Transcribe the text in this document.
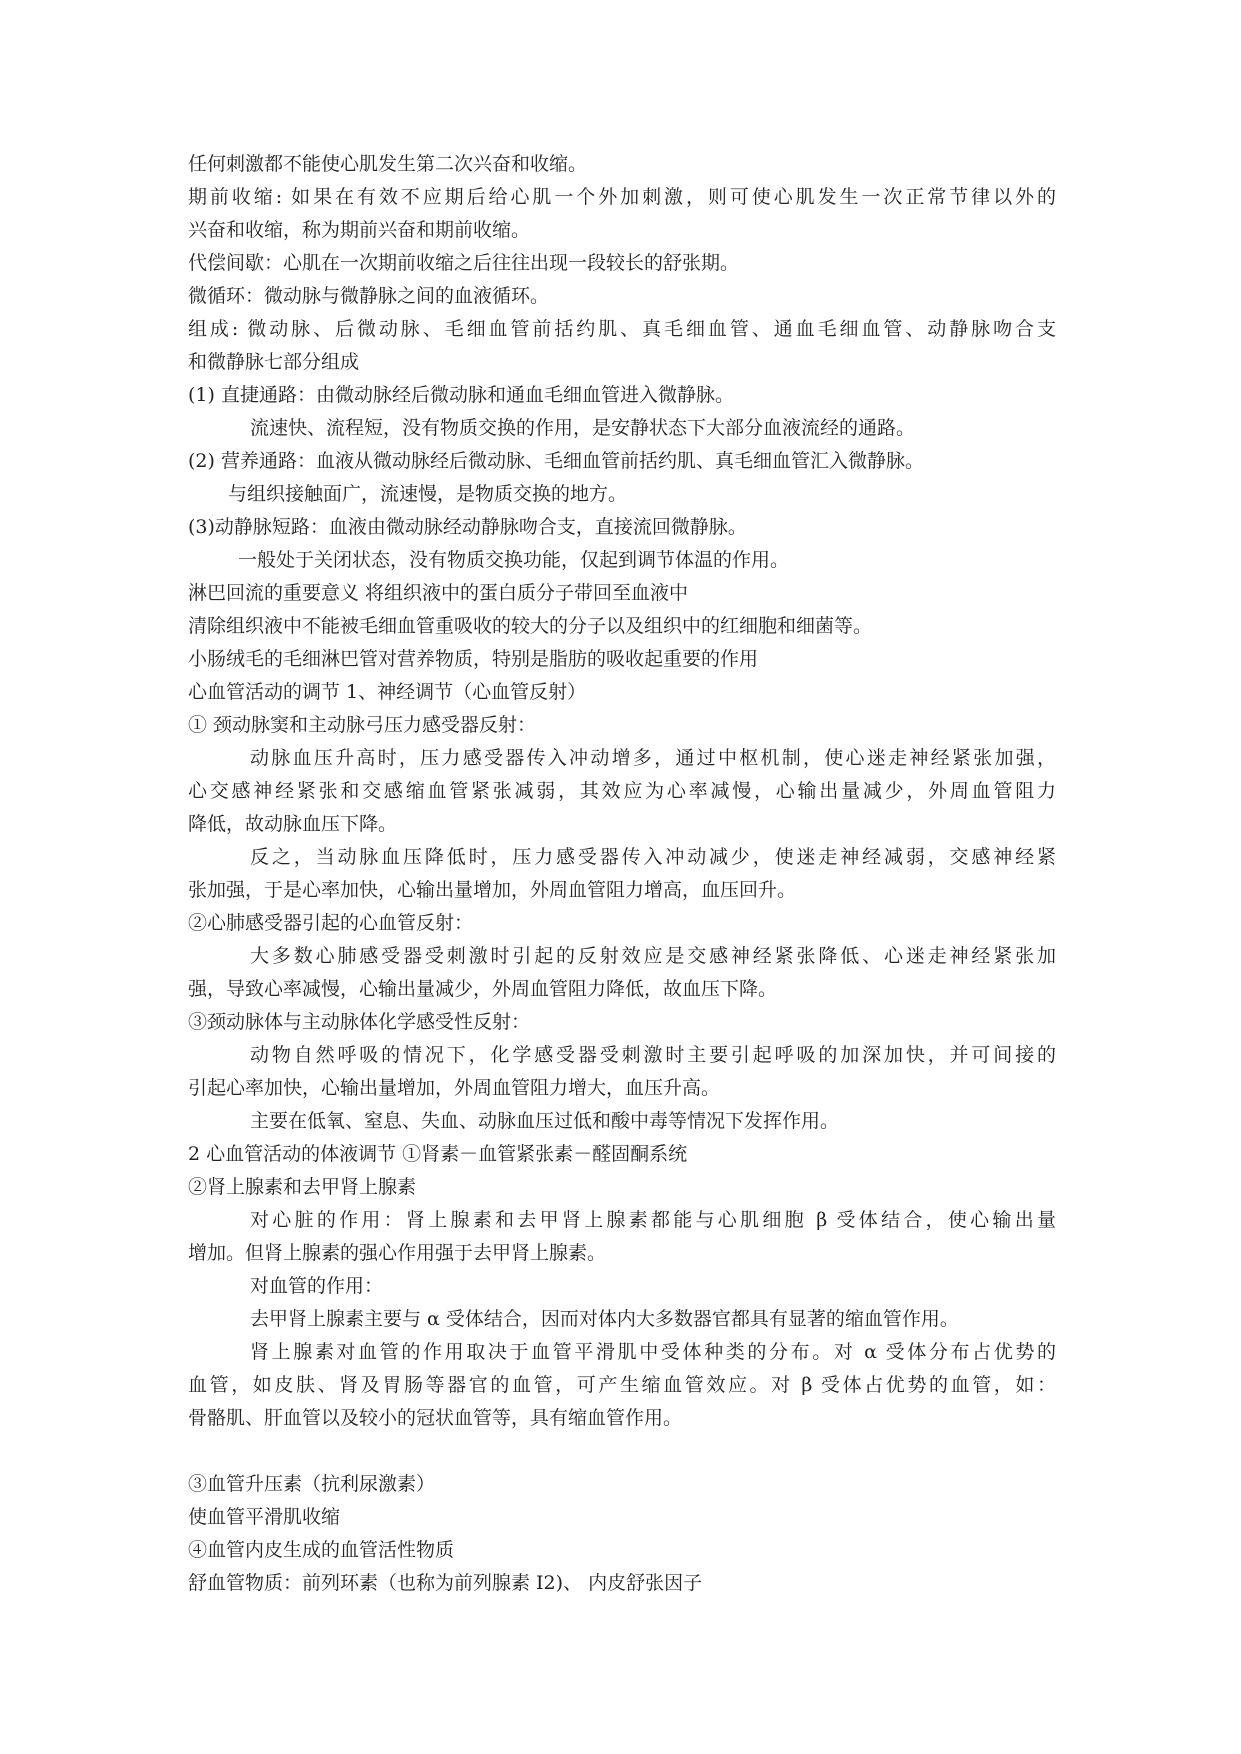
任何刺激都不能使心肌发生第二次兴奋和收缩。
期前收缩: 如果在有效不应期后给心肌一个外加刺激，则可使心肌发生一次正常节律以外的
兴奋和收缩，称为期前兴奋和期前收缩。
代偿间歇：心肌在一次期前收缩之后往往出现一段较长的舒张期。
微循环：微动脉与微静脉之间的血液循环。
组成: 微动脉、后微动脉、毛细血管前括约肌、真毛细血管、通血毛细血管、动静脉吻合支
和微静脉七部分组成
(1) 直捷通路：由微动脉经后微动脉和通血毛细血管进入微静脉。
流速快、流程短，没有物质交换的作用，是安静状态下大部分血液流经的通路。
(2) 营养通路：血液从微动脉经后微动脉、毛细血管前括约肌、真毛细血管汇入微静脉。
与组织接触面广，流速慢，是物质交换的地方。
(3)动静脉短路：血液由微动脉经动静脉吻合支，直接流回微静脉。
一般处于关闭状态，没有物质交换功能，仅起到调节体温的作用。
淋巴回流的重要意义 将组织液中的蛋白质分子带回至血液中
清除组织液中不能被毛细血管重吸收的较大的分子以及组织中的红细胞和细菌等。
小肠绒毛的毛细淋巴管对营养物质，特别是脂肪的吸收起重要的作用
心血管活动的调节 1、神经调节（心血管反射）
① 颈动脉窦和主动脉弓压力感受器反射：
动脉血压升高时，压力感受器传入冲动增多，通过中枢机制，使心迷走神经紧张加强，
心交感神经紧张和交感缩血管紧张减弱，其效应为心率减慢，心输出量减少，外周血管阻力
降低，故动脉血压下降。
反之，当动脉血压降低时，压力感受器传入冲动减少，使迷走神经减弱，交感神经紧
张加强，于是心率加快，心输出量增加，外周血管阻力增高，血压回升。
②心肺感受器引起的心血管反射：
大多数心肺感受器受刺激时引起的反射效应是交感神经紧张降低、心迷走神经紧张加
强，导致心率减慢，心输出量减少，外周血管阻力降低，故血压下降。
③颈动脉体与主动脉体化学感受性反射：
动物自然呼吸的情况下，化学感受器受刺激时主要引起呼吸的加深加快，并可间接的
引起心率加快，心输出量增加，外周血管阻力增大，血压升高。
主要在低氧、窒息、失血、动脉血压过低和酸中毒等情况下发挥作用。
2 心血管活动的体液调节 ①肾素－血管紧张素－醛固酮系统
②肾上腺素和去甲肾上腺素
对心脏的作用：肾上腺素和去甲肾上腺素都能与心肌细胞 β 受体结合，使心输出量
增加。但肾上腺素的强心作用强于去甲肾上腺素。
对血管的作用：
去甲肾上腺素主要与 α 受体结合，因而对体内大多数器官都具有显著的缩血管作用。
肾上腺素对血管的作用取决于血管平滑肌中受体种类的分布。对 α 受体分布占优势的
血管，如皮肤、肾及胃肠等器官的血管，可产生缩血管效应。对 β 受体占优势的血管，如：
骨骼肌、肝血管以及较小的冠状血管等，具有缩血管作用。
③血管升压素（抗利尿激素）
使血管平滑肌收缩
④血管内皮生成的血管活性物质
舒血管物质：前列环素（也称为前列腺素 I2)、 内皮舒张因子
